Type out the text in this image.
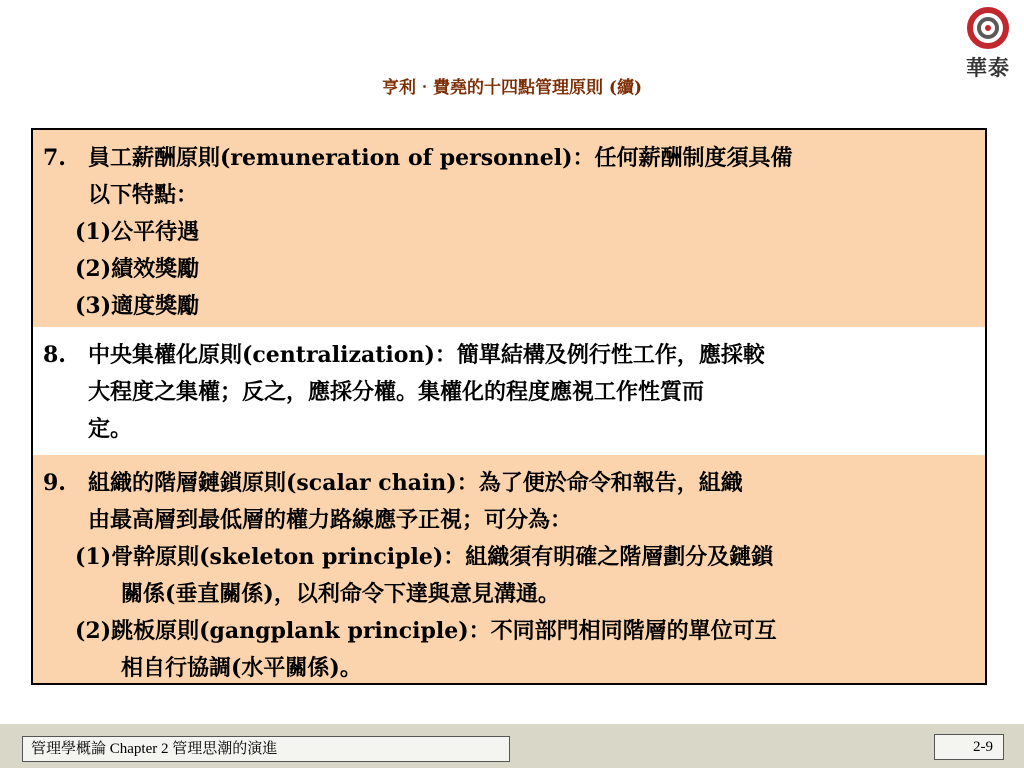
亨利‧費堯的十四點管理原則 (續)
華泰
7. 員工薪酬原則(remuneration of personnel)：任何薪酬制度須具備
以下特點：
(1)公平待遇
(2)績效獎勵
(3)適度獎勵
8. 中央集權化原則(centralization)：簡單結構及例行性工作，應採較
大程度之集權；反之，應採分權。集權化的程度應視工作性質而
定。
9. 組織的階層鏈鎖原則(scalar chain)：為了便於命令和報告，組織
由最高層到最低層的權力路線應予正視；可分為：
(1)骨幹原則(skeleton principle)：組織須有明確之階層劃分及鏈鎖
關係(垂直關係)，以利命令下達與意見溝通。
(2)跳板原則(gangplank principle)：不同部門相同階層的單位可互
相自行協調(水平關係)。
管理學概論 Chapter 2 管理思潮的演進	2-9
